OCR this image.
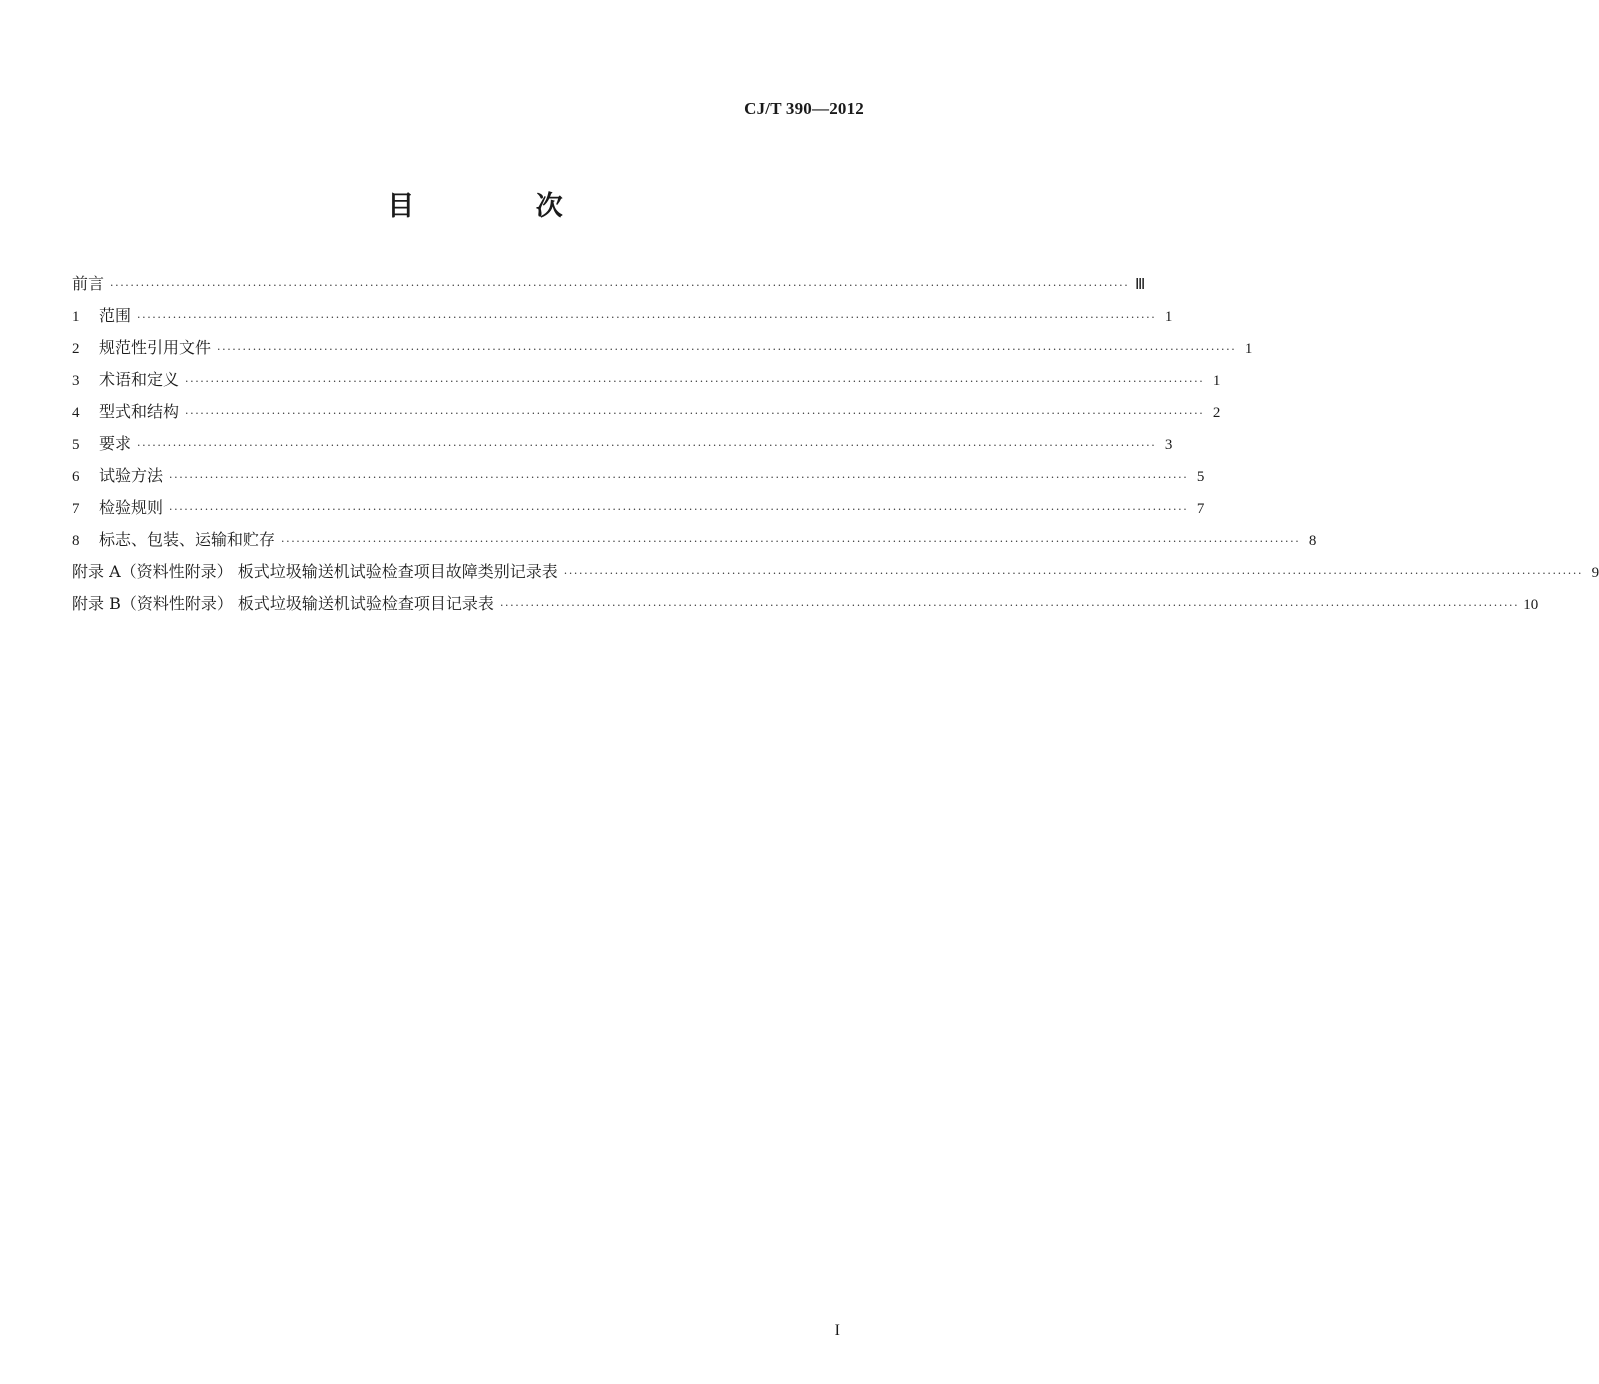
CJ/T 390—2012
目 次
前言 ········································································································································································································ Ⅲ
1	范围 ········································································································································································································ 1
2	规范性引用文件 ········································································································································································································ 1
3	术语和定义 ········································································································································································································ 1
4	型式和结构 ········································································································································································································ 2
5	要求 ········································································································································································································ 3
6	试验方法 ········································································································································································································ 5
7	检验规则 ········································································································································································································ 7
8	标志、包装、运输和贮存 ········································································································································································································ 8
附录 A（资料性附录） 板式垃圾输送机试验检查项目故障类别记录表 ········································································································································································································ 9
附录 B（资料性附录） 板式垃圾输送机试验检查项目记录表 ········································································································································································································ 10
I
